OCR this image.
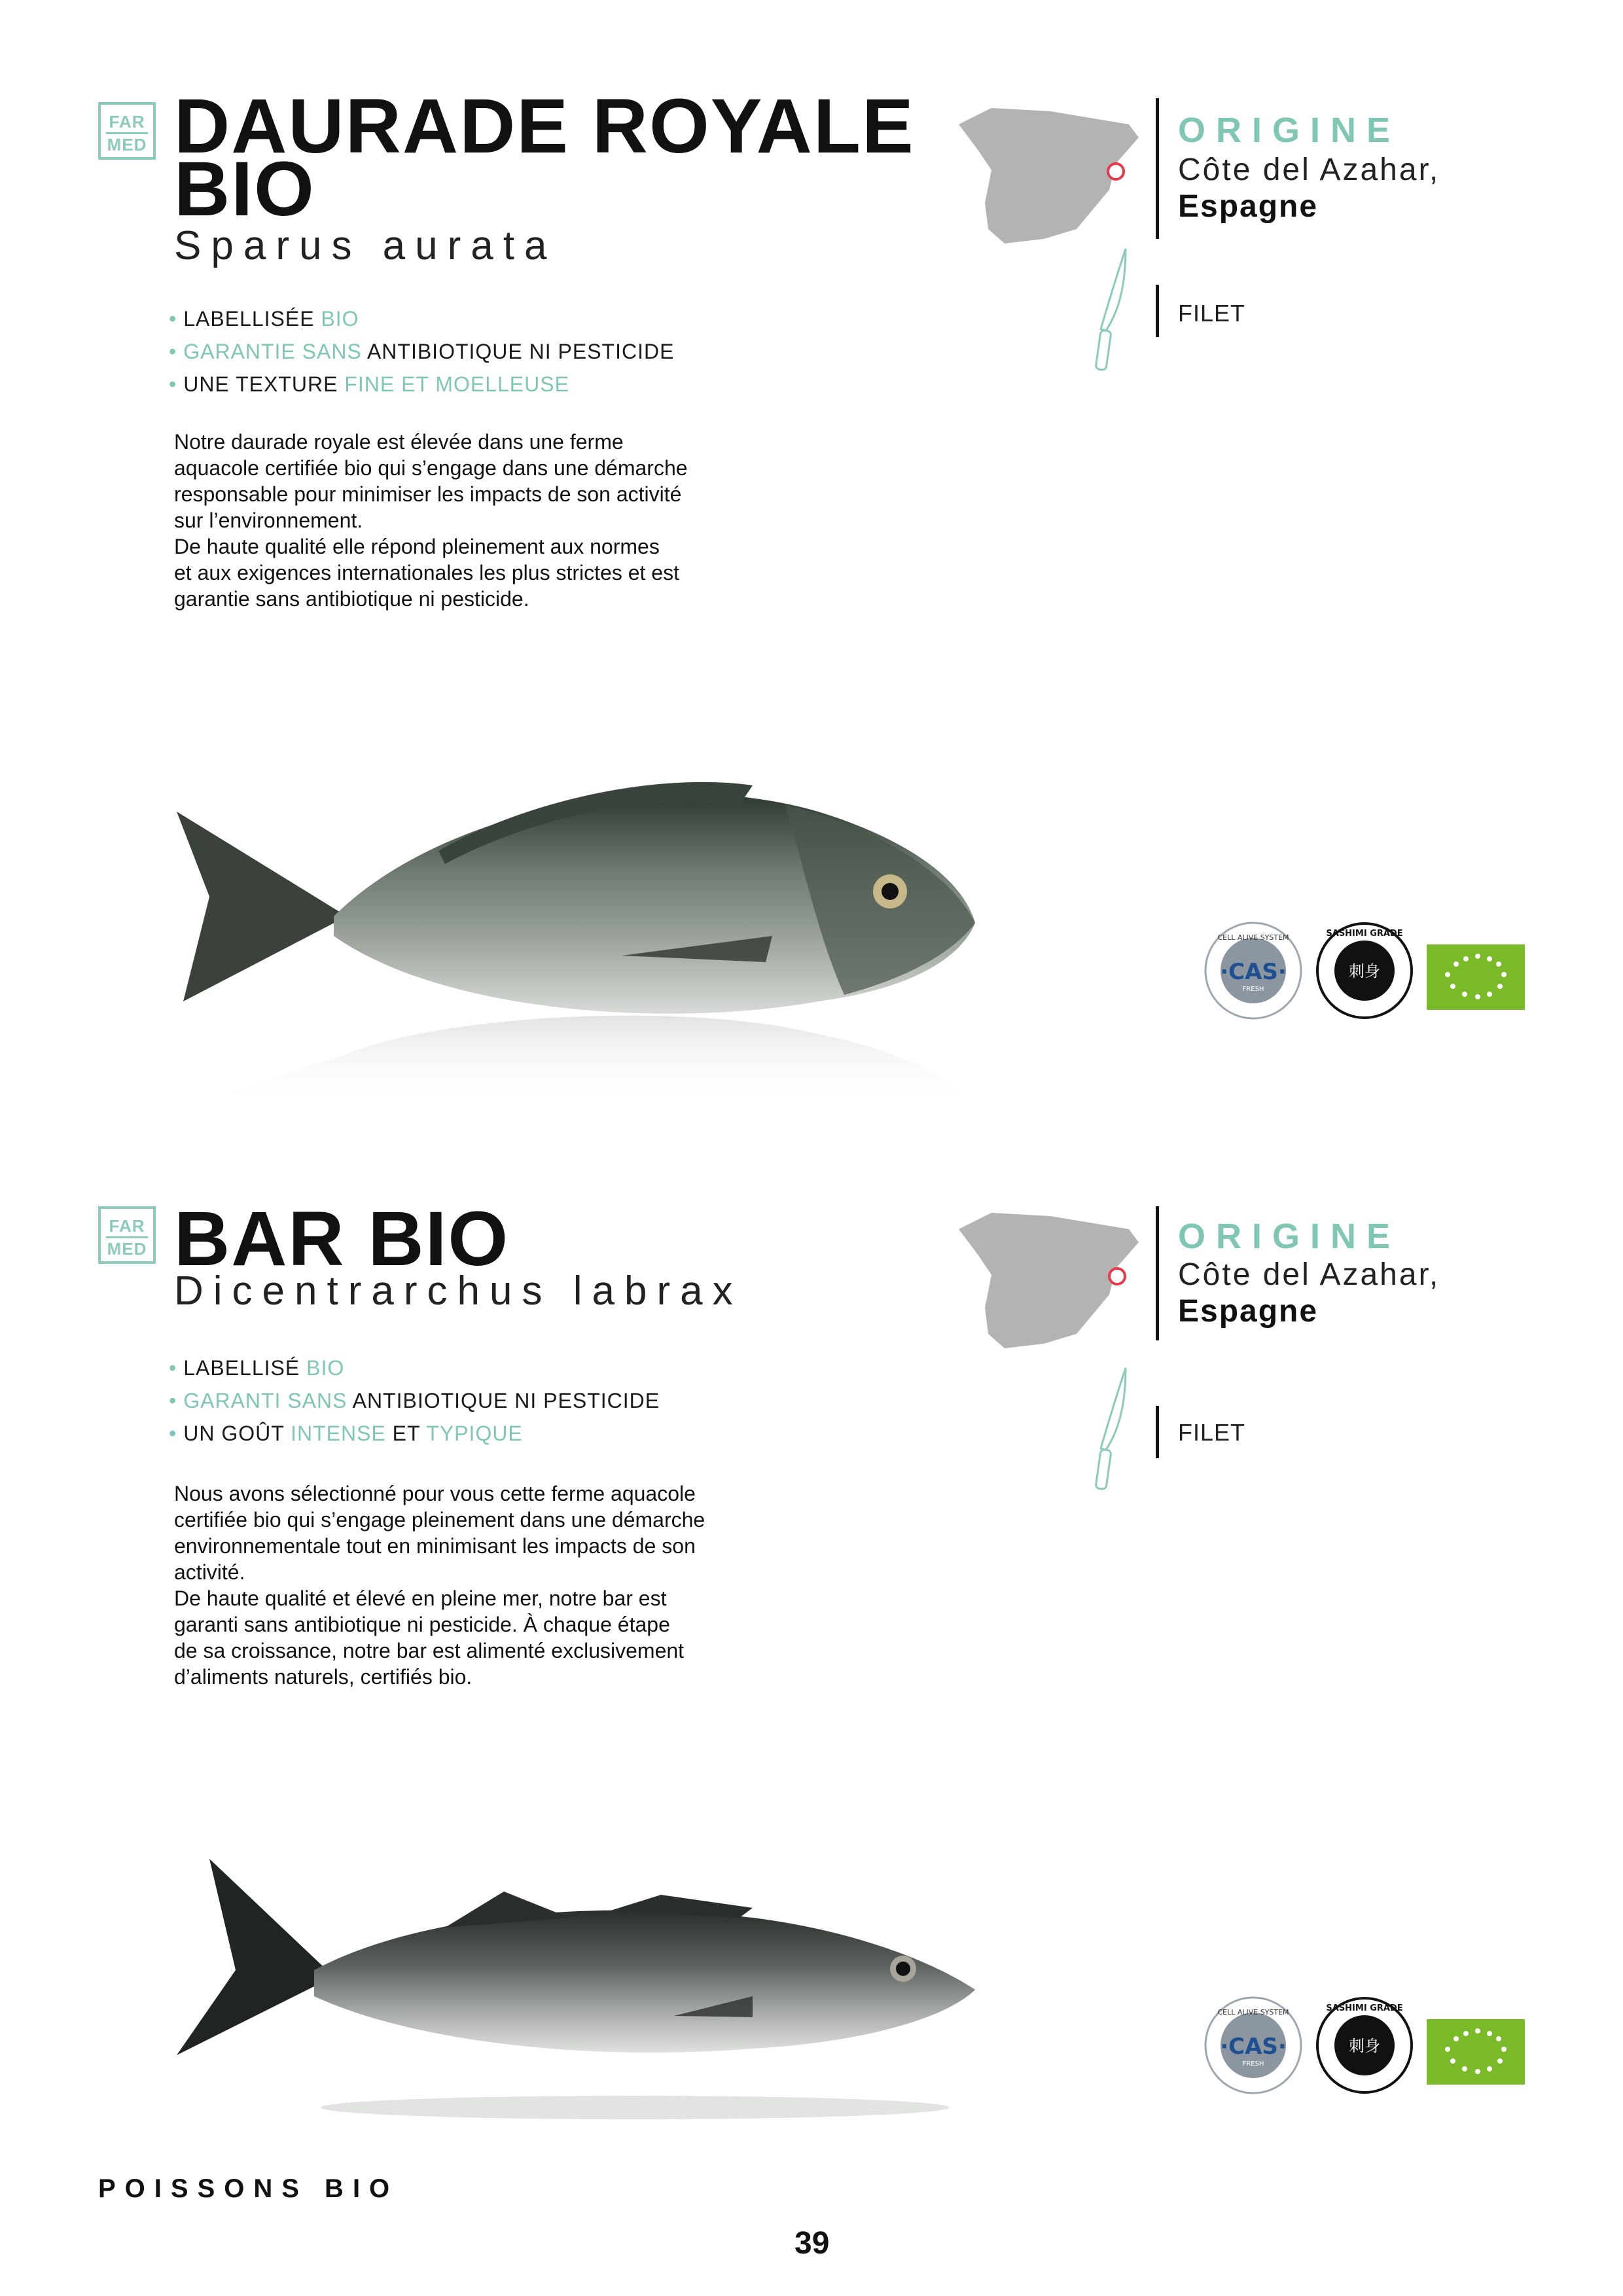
FAR
MED DAURADE ROYALE
BIO
Sparus aurata
• LABELLISÉE BIO
• GARANTIE SANS ANTIBIOTIQUE NI PESTICIDE
• UNE TEXTURE FINE ET MOELLEUSE

Notre daurade royale est élevée dans une ferme

aquacole certifiée bio qui s’engage dans une démarche

responsable pour minimiser les impacts de son activité

sur l’environnement.

De haute qualité elle répond pleinement aux normes

et aux exigences internationales les plus strictes et est

garantie sans antibiotique ni pesticide.

ORIGINE
Côte del Azahar,
Espagne
FILET
CELL ALIVE SYSTEM
·CAS·
FRESH
SASHIMI GRADE
刺身
FAR
MED BAR BIO
Dicentrarchus labrax
• LABELLISÉ BIO
• GARANTI SANS ANTIBIOTIQUE NI PESTICIDE
• UN GOÛT INTENSE ET TYPIQUE

Nous avons sélectionné pour vous cette ferme aquacole

certifiée bio qui s’engage pleinement dans une démarche

environnementale tout en minimisant les impacts de son

activité.

De haute qualité et élevé en pleine mer, notre bar est

garanti sans antibiotique ni pesticide. À chaque étape

de sa croissance, notre bar est alimenté exclusivement

d’aliments naturels, certifiés bio.

ORIGINE
Côte del Azahar,
Espagne
FILET
CELL ALIVE SYSTEM
·CAS·
FRESH
SASHIMI GRADE
刺身
POISSONS BIO
39
